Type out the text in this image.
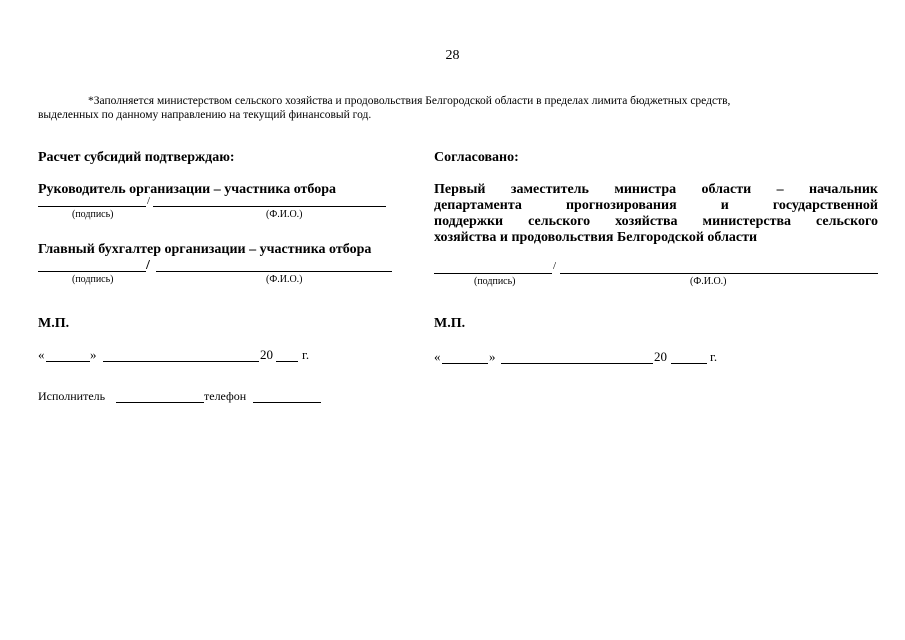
28
*Заполняется министерством сельского хозяйства и продовольствия Белгородской области в пределах лимита бюджетных средств,
выделенных по данному направлению на текущий финансовый год.
Расчет субсидий подтверждаю:
Руководитель организации – участника отбора
/
(подпись)	(Ф.И.О.)
Главный бухгалтер организации – участника отбора
/
(подпись)	(Ф.И.О.)
М.П.
«	»	20 г.
Исполнитель	телефон
Согласовано:
Первый заместитель министра области – начальник
департамента прогнозирования и государственной
поддержки сельского хозяйства министерства сельского
хозяйства и продовольствия Белгородской области
/
(подпись)	(Ф.И.О.)
М.П.
«	»	20	г.
